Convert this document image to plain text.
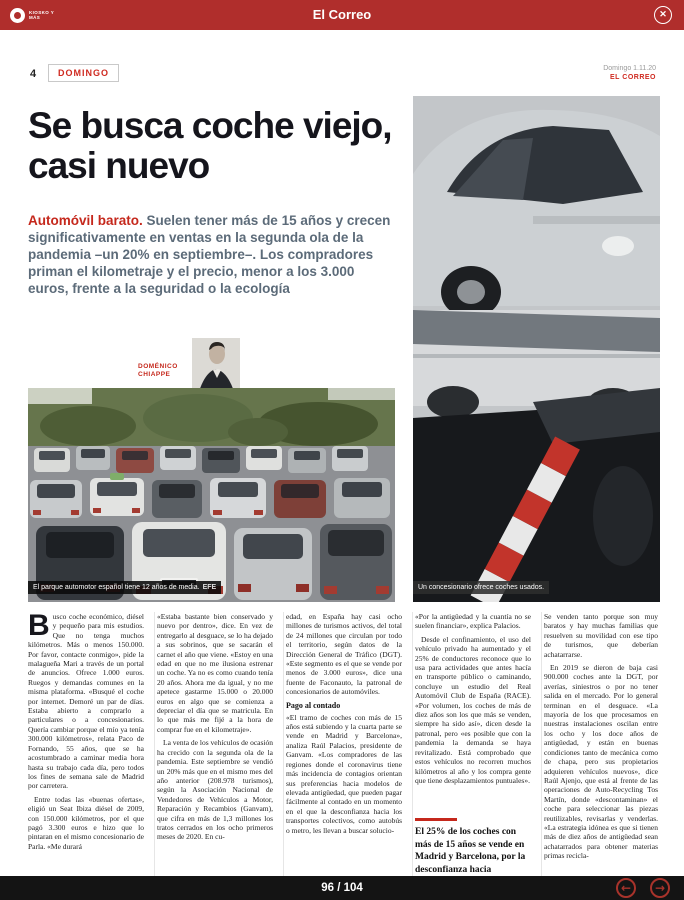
KIOSKO Y MÁS	El Correo	✕
4	DOMINGO	Domingo 1.11.20
EL CORREO
Se busca coche viejo, casi nuevo

Automóvil barato. Suelen tener más de 15 años y crecen significativamente en ventas en la segunda ola de la pandemia –un 20% en septiembre–. Los compradores priman el kilometraje y el precio, menor a los 3.000 euros, frente a la seguridad o la ecología

DOMÉNICO CHIAPPE
El parque automotor español tiene 12 años de media. EFE	Un concesionario ofrece coches usados.

Busco coche económico, diésel y pequeño para mis estudios. Que no tenga muchos kilómetros. Más o menos 150.000. Por favor, contacte conmigo», pide la malagueña Mari a través de un portal de anuncios. Ofrece 1.000 euros. Ruegos y demandas comunes en la misma plataforma. «Busqué el coche por internet. Demoré un par de días. Estaba abierto a comprarlo a particulares o a concesionarios. Quería cambiar porque el mío ya tenía 300.000 kilómetros», relata Paco de Fornando, 55 años, que se ha acostumbrado a caminar media hora hasta su trabajo cada día, pero todos los fines de semana sale de Madrid por carretera.

Entre todas las «buenas ofertas», eligió un Seat Ibiza diésel de 2009, con 150.000 kilómetros, por el que pagó 3.300 euros e hizo que lo pintaran en el mismo concesionario de Parla. «Me durará

«Estaba bastante bien conservado y nuevo por dentro», dice. En vez de entregarlo al desguace, se lo ha dejado a sus sobrinos, que se sacarán el carnet el año que viene. «Estoy en una edad en que no me ilusiona estrenar un coche. Ya no es como cuando tenía 20 años. Ahora me da igual, y no me apetece gastarme 15.000 o 20.000 euros en algo que se comienza a depreciar el día que se matricula. En lo que más me fijé a la hora de comprar fue en el kilometraje».

La venta de los vehículos de ocasión ha crecido con la segunda ola de la pandemia. Este septiembre se vendió un 20% más que en el mismo mes del año anterior (208.978 turismos), según la Asociación Nacional de Vendedores de Vehículos a Motor, Reparación y Recambios (Ganvam), que cifra en más de 1,3 millones los tratos cerrados en los ocho primeros meses de 2020. En cu-

edad, en España hay casi ocho millones de turismos activos, del total de 24 millones que circulan por todo el territorio, según datos de la Dirección General de Tráfico (DGT). «Este segmento es el que se vende por menos de 3.000 euros», dice una fuente de Faconauto, la patronal de concesionarios de automóviles.

Pago al contado

«El tramo de coches con más de 15 años está subiendo y la cuarta parte se vende en Madrid y Barcelona», analiza Raúl Palacios, presidente de Ganvam. «Los compradores de las regiones donde el coronavirus tiene más incidencia de contagios orientan sus preferencias hacia modelos de elevada antigüedad, que pueden pagar fácilmente al contado en un momento en el que la desconfianza hacia los transportes colectivos, como autobús o metro, les llevan a buscar solucio-

«Por la antigüedad y la cuantía no se suelen financiar», explica Palacios.

Desde el confinamiento, el uso del vehículo privado ha aumentado y el 25% de conductores reconoce que lo usa para actividades que antes hacía en transporte público o caminando, concluye un estudio del Real Automóvil Club de España (RACE). «Por volumen, los coches de más de diez años son los que más se venden, siempre ha sido así», dicen desde la patronal, pero «es posible que con la pandemia la demanda se haya revitalizado. Está comprobado que estos vehículos no recorren muchos kilómetros al año y los compra gente que tiene desplazamientos puntuales».

El 25% de los coches con más de 15 años se vende en Madrid y Barcelona, por la desconfianza hacia

Se venden tanto porque son muy baratos y hay muchas familias que resuelven su movilidad con ese tipo de turismos, que deberían achatarrarse.

En 2019 se dieron de baja casi 900.000 coches ante la DGT, por averías, siniestros o por no tener salida en el mercado. Por lo general terminan en el desguace. «La mayoría de los que procesamos en nuestras instalaciones oscilan entre los ocho y los doce años de antigüedad, y están en buenas condiciones tanto de mecánica como de chapa, pero sus propietarios adquieren vehículos nuevos», dice Raúl Ajenjo, que está al frente de las operaciones de Auto-Recycling Tos Martín, donde «descontaminan» el coche para seleccionar las piezas reutilizables, revisarlas y venderlas. «La estrategia idónea es que si tienen más de diez años de antigüedad sean achatarrados para obtener materias primas recicla-

96 / 104	←	→
